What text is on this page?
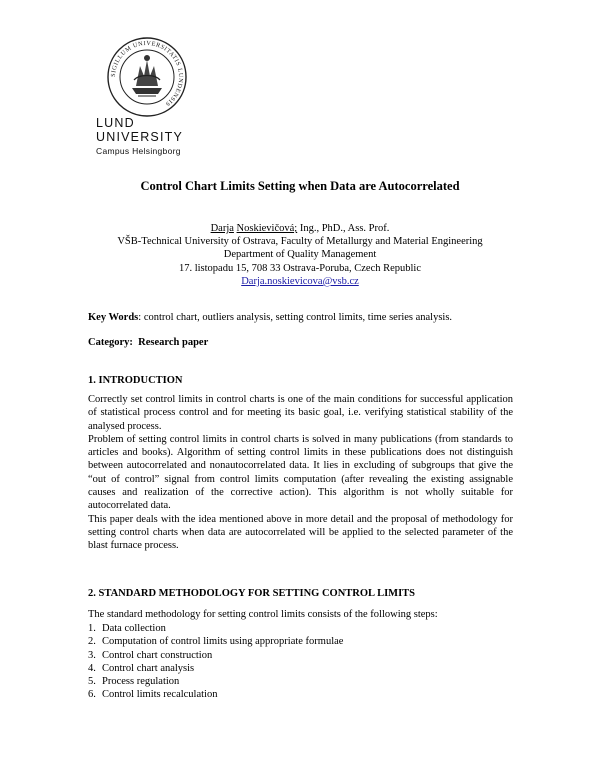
SIGILLUM UNIVERSITATIS LUNDENSIS
LUND
UNIVERSITY
Campus Helsingborg
Control Chart Limits Setting when Data are Autocorrelated
Darja Noskievičová; Ing., PhD., Ass. Prof.
VŠB-Technical University of Ostrava, Faculty of Metallurgy and Material Engineering
Department of Quality Management
17. listopadu 15, 708 33 Ostrava-Poruba, Czech Republic
Darja.noskievicova@vsb.cz
Key Words: control chart, outliers analysis, setting control limits, time series analysis.
Category: Research paper
1. INTRODUCTION

Correctly set control limits in control charts is one of the main conditions for successful application of statistical process control and for meeting its basic goal, i.e. verifying statistical stability of the analysed process.

Problem of setting control limits in control charts is solved in many publications (from standards to articles and books). Algorithm of setting control limits in these publications does not distinguish between autocorrelated and nonautocorrelated data. It lies in excluding of subgroups that give the “out of control” signal from control limits computation (after revealing the existing assignable causes and realization of the corrective action). This algorithm is not wholly suitable for autocorrelated data.

This paper deals with the idea mentioned above in more detail and the proposal of methodology for setting control charts when data are autocorrelated will be applied to the selected parameter of the blast furnace process.

2. STANDARD METHODOLOGY FOR SETTING CONTROL LIMITS
The standard methodology for setting control limits consists of the following steps:
1. Data collection
2. Computation of control limits using appropriate formulae
3. Control chart construction
4. Control chart analysis
5. Process regulation
6. Control limits recalculation
